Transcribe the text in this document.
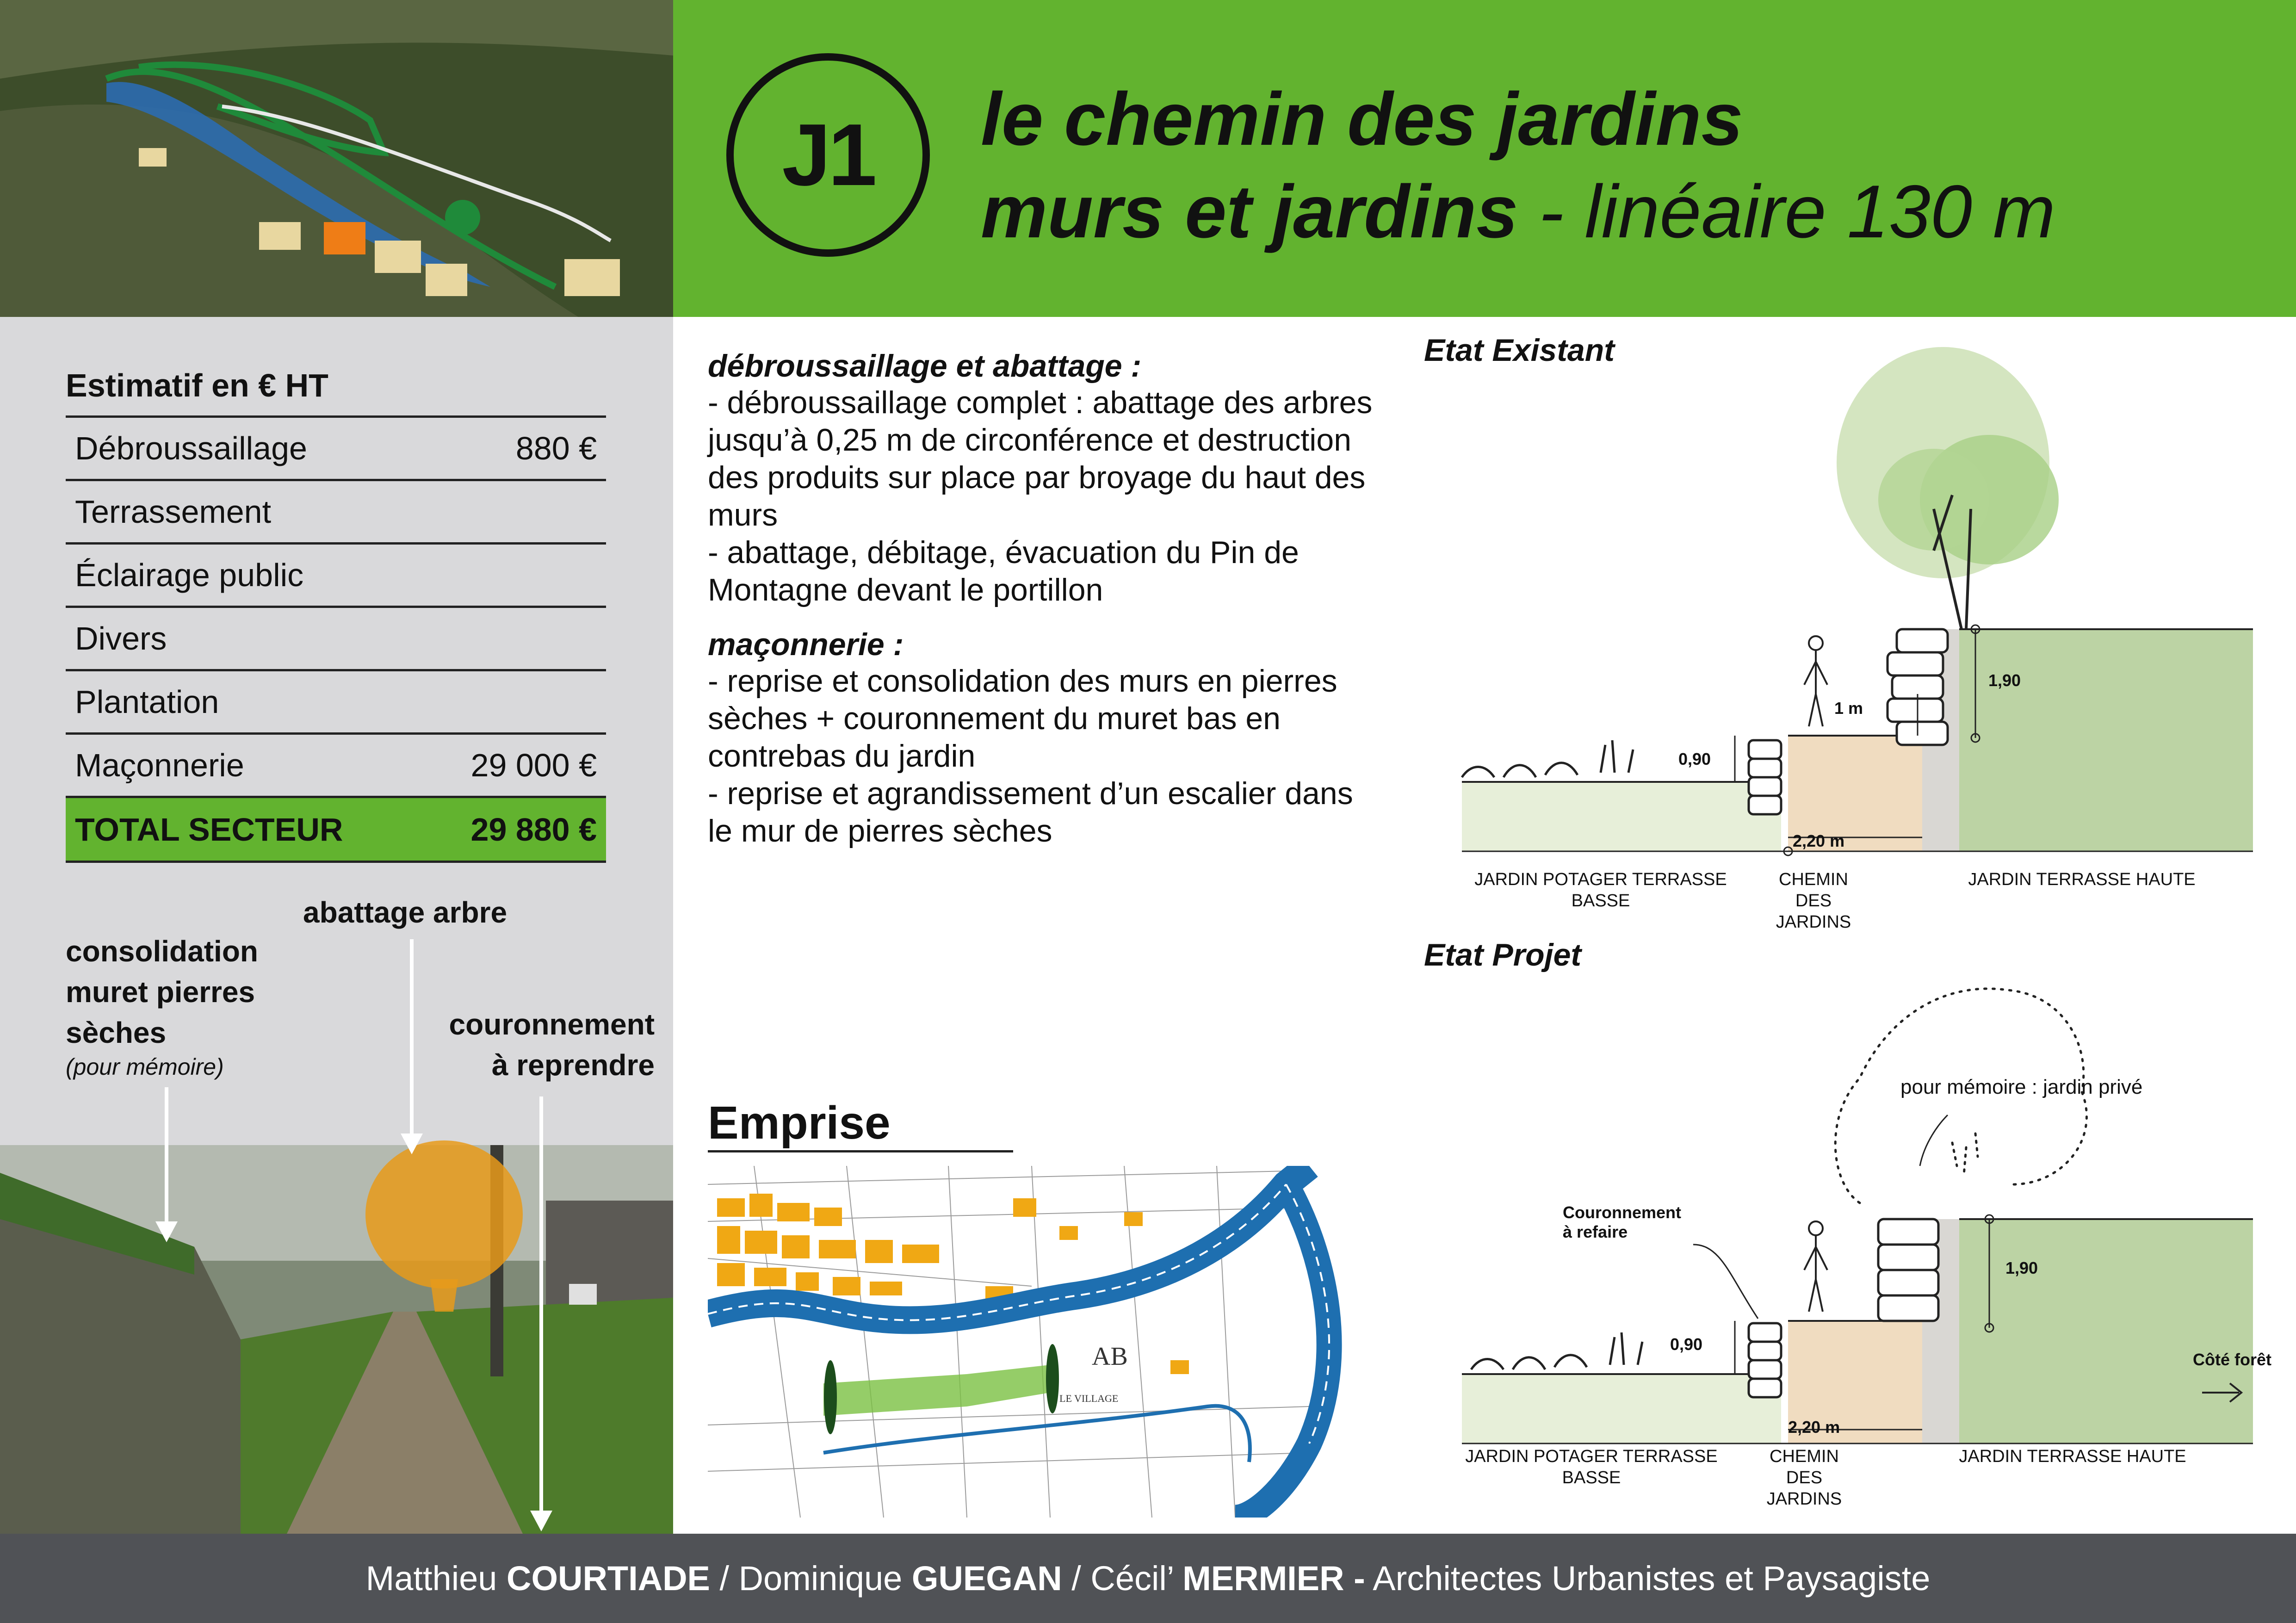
J1	le chemin des jardins
murs et jardins - linéaire 130 m
Estimatif en € HT
Débroussaillage	880 €
Terrassement
Éclairage public
Divers
Plantation
Maçonnerie	29 000 €
TOTAL SECTEUR	29 880 €
consolidation
muret pierres
sèches
(pour mémoire)
abattage arbre
couronnement
à reprendre
débroussaillage et abattage :
- débroussaillage complet : abattage des arbres
jusqu’à 0,25 m de circonférence et destruction
des produits sur place par broyage du haut des
murs
- abattage, débitage, évacuation du Pin de
Montagne devant le portillon
maçonnerie :
- reprise et consolidation des murs en pierres
sèches + couronnement du muret bas en
contrebas du jardin
- reprise et agrandissement d’un escalier dans
le mur de pierres sèches
Emprise
AB
LE VILLAGE
Etat Existant
Etat Projet
0,90
1 m
1,90
2,20 m
JARDIN POTAGER TERRASSE
BASSE
CHEMIN
DES
JARDINS
JARDIN TERRASSE HAUTE
pour mémoire : jardin privé
Couronnement
à refaire
0,90
1,90
2,20 m
Côté forêt
JARDIN POTAGER TERRASSE
BASSE
CHEMIN
DES
JARDINS
JARDIN TERRASSE HAUTE
Matthieu COURTIADE / Dominique GUEGAN / Cécil’ MERMIER - Architectes Urbanistes et Paysagiste
